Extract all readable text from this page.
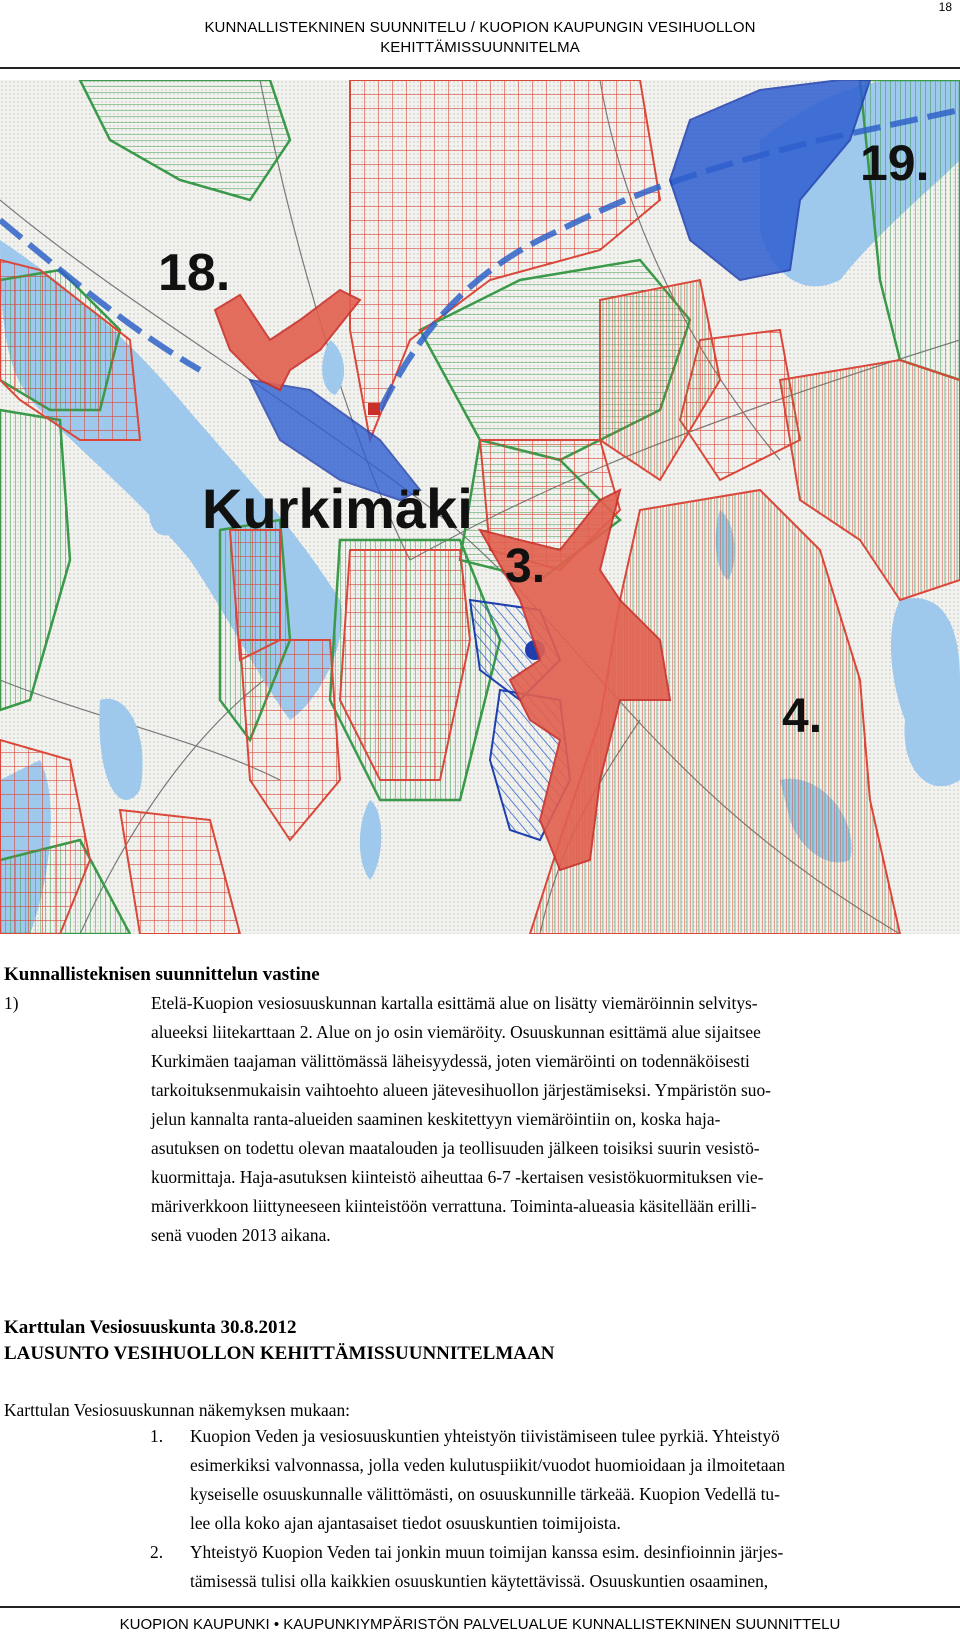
18
KUNNALLISTEKNINEN SUUNNITELU / KUOPION KAUPUNGIN VESIHUOLLON
KEHITTÄMISSUUNNITELMA
18.
19.
Kurkimäki
3.
4.
Kunnallisteknisen suunnittelun vastine
1)	Etelä-Kuopion vesiosuuskunnan kartalla esittämä alue on lisätty viemäröinnin selvitys-
alueeksi liitekarttaan 2. Alue on jo osin viemäröity. Osuuskunnan esittämä alue sijaitsee
Kurkimäen taajaman välittömässä läheisyydessä, joten viemäröinti on todennäköisesti
tarkoituksenmukaisin vaihtoehto alueen jätevesihuollon järjestämiseksi. Ympäristön suo-
jelun kannalta ranta-alueiden saaminen keskitettyyn viemäröintiin on, koska haja-
asutuksen on todettu olevan maatalouden ja teollisuuden jälkeen toisiksi suurin vesistö-
kuormittaja. Haja-asutuksen kiinteistö aiheuttaa 6-7 -kertaisen vesistökuormituksen vie-
märiverkkoon liittyneeseen kiinteistöön verrattuna. Toiminta-alueasia käsitellään erilli-
senä vuoden 2013 aikana.
Karttulan Vesiosuuskunta 30.8.2012
LAUSUNTO VESIHUOLLON KEHITTÄMISSUUNNITELMAAN
Karttulan Vesiosuuskunnan näkemyksen mukaan:
1. Kuopion Veden ja vesiosuuskuntien yhteistyön tiivistämiseen tulee pyrkiä. Yhteistyö
esimerkiksi valvonnassa, jolla veden kulutuspiikit/vuodot huomioidaan ja ilmoitetaan
kyseiselle osuuskunnalle välittömästi, on osuuskunnille tärkeää. Kuopion Vedellä tu-
lee olla koko ajan ajantasaiset tiedot osuuskuntien toimijoista.
2. Yhteistyö Kuopion Veden tai jonkin muun toimijan kanssa esim. desinfioinnin järjes-
tämisessä tulisi olla kaikkien osuuskuntien käytettävissä. Osuuskuntien osaaminen,
KUOPION KAUPUNKI • KAUPUNKIYMPÄRISTÖN PALVELUALUE KUNNALLISTEKNINEN SUUNNITTELU
